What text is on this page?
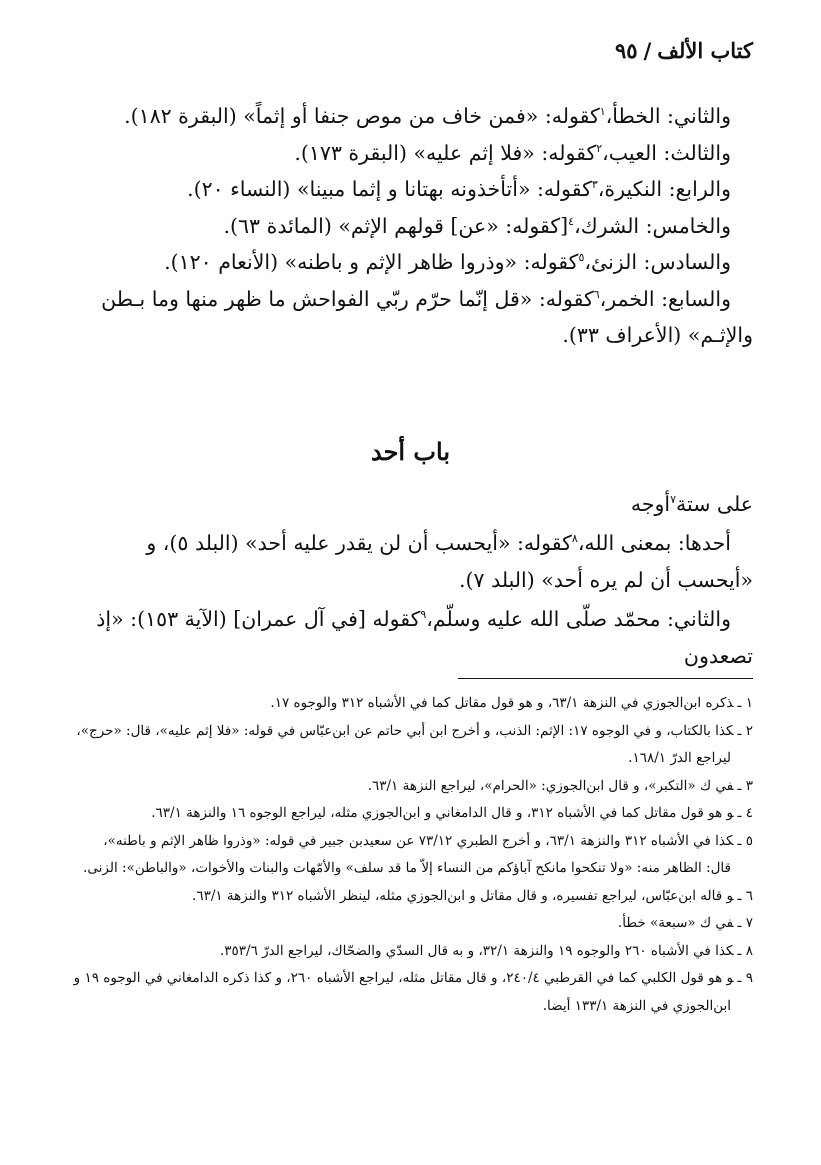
كتاب الألف/٩٥

والثاني: الخطأ،$^١$كقوله: «فمن خاف من موص جنفا أو إثماً» (البقرة ١٨٢).

والثالث: العيب،$^٢$كقوله: «فلا إثم عليه» (البقرة ١٧٣).

والرابع: النكيرة،$^٣$كقوله: «أتأخذونه بهتانا و إثما مبينا» (النساء ٢٠).

والخامس: الشرك،$^٤$[كقوله: «عن] قولهم الإثم» (المائدة ٦٣).

والسادس: الزنئ،$^٥$كقوله: «وذروا ظاهر الإثم و باطنه» (الأنعام ١٢٠).

والسابع: الخمر،$^٦$كقوله: «قل إنّما حرّم ربّي الفواحش ما ظهر منها وما بـطن والإثـم» (الأعراف ٣٣).

باب أحد

على ستة$^٧$أوجه

أحدها: بمعنى الله،$^٨$كقوله: «أيحسب أن لن يقدر عليه أحد» (البلد ٥)، و «أيحسب أن لم يره أحد» (البلد ٧).

والثاني: محمّد صلّى الله عليه وسلّم،$^٩$كقوله [في آل عمران] (الآية ١٥٣): «إذ تصعدون

١ ـذكره ابن‌الجوزي في النزهة ٦٣/١، و هو قول مقاتل كما في الأشباه ٣١٢ والوجوه ١٧.

٢ ـكذا بالكتاب، و في الوجوه ١٧: الإثم: الذنب، و أخرج ابن أبي حاتم عن ابن‌عبّاس في قوله: «فلا إثم عليه»، قال: «حرج»،
ليراجع الدرّ ١٦٨/١.

٣ ـفي ك «التكبر»، و قال ابن‌الجوزي: «الحرام»، ليراجع النزهة ٦٣/١.

٤ ـو هو قول مقاتل كما في الأشباه ٣١٢، و قال الدامغاني و ابن‌الجوزي مثله، ليراجع الوجوه ١٦ والنزهة ٦٣/١.

٥ ـكذا في الأشباه ٣١٢ والنزهة ٦٣/١، و أخرج الطبري ٧٣/١٢ عن سعيدبن جبير في قوله: «وذروا ظاهر الإثم و باطنه»،
قال: الظاهر منه: «ولا تنكحوا مانكح آباؤكم من النساء إلاّ ما قد سلف» والأمّهات والبنات والأخوات، «والباطن»: الزنى.

٦ ـو قاله ابن‌عبّاس، ليراجع تفسيره، و قال مقاتل و ابن‌الجوزي مثله، لينظر الأشباه ٣١٢ والنزهة ٦٣/١.

٧ ـفي ك «سبعة» خطأ.

٨ ـكذا في الأشباه ٢٦٠ والوجوه ١٩ والنزهة ٣٢/١، و به قال السدّي والضحّاك، ليراجع الدرّ ٣٥٣/٦.

٩ ـو هو قول الكلبي كما في القرطبي ٢٤٠/٤، و قال مقاتل مثله، ليراجع الأشباه ٢٦٠، و كذا ذكره الدامغاني في الوجوه ١٩ و
ابن‌الجوزي في النزهة ١٣٣/١ أيضا.
